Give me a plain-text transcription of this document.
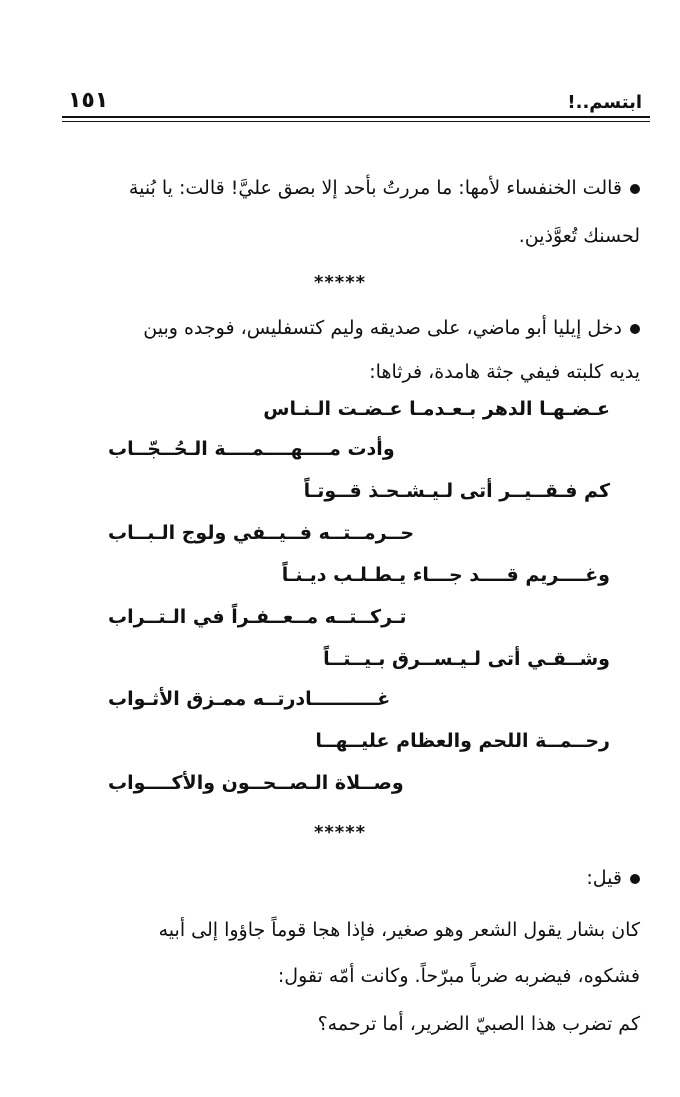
ابتسم..!
١٥١
قالت الخنفساء لأمها: ما مررتُ بأحد إلا بصق عليَّ! قالت: يا بُنية
لحسنك تُعوَّذين.
*****
دخل إيليا أبو ماضي، على صديقه وليم كتسفليس، فوجده وبين
يديه كلبته فيفي جثة هامدة، فرثاها:
عـضـهـا الدهر بـعـدمـا عـضـت الـنـاس
وأدت مــــهــــمــــة الـحُــجّــاب
كم فـقــيــر أتى لـيـشـحـذ قــوتـاً
حــرمــتــه فــيــفي ولوج الـبــاب
وغــــريم قــــد جـــاء يـطـلـب ديـنـاً
تـركــتــه مــعــفـراً في الـتــراب
وشــقـي أتى لـيـســرق بـيــتــاً
غــــــــــادرتــه ممـزق الأثـواب
رحــمــة اللحم والعظام عليــهــا
وصــلاة الـصــحــون والأكــــواب
*****
قيل:
كان بشار يقول الشعر وهو صغير، فإذا هجا قوماً جاؤوا إلى أبيه
فشكوه، فيضربه ضرباً مبرّحاً. وكانت أمّه تقول:
كم تضرب هذا الصبيّ الضرير، أما ترحمه؟
